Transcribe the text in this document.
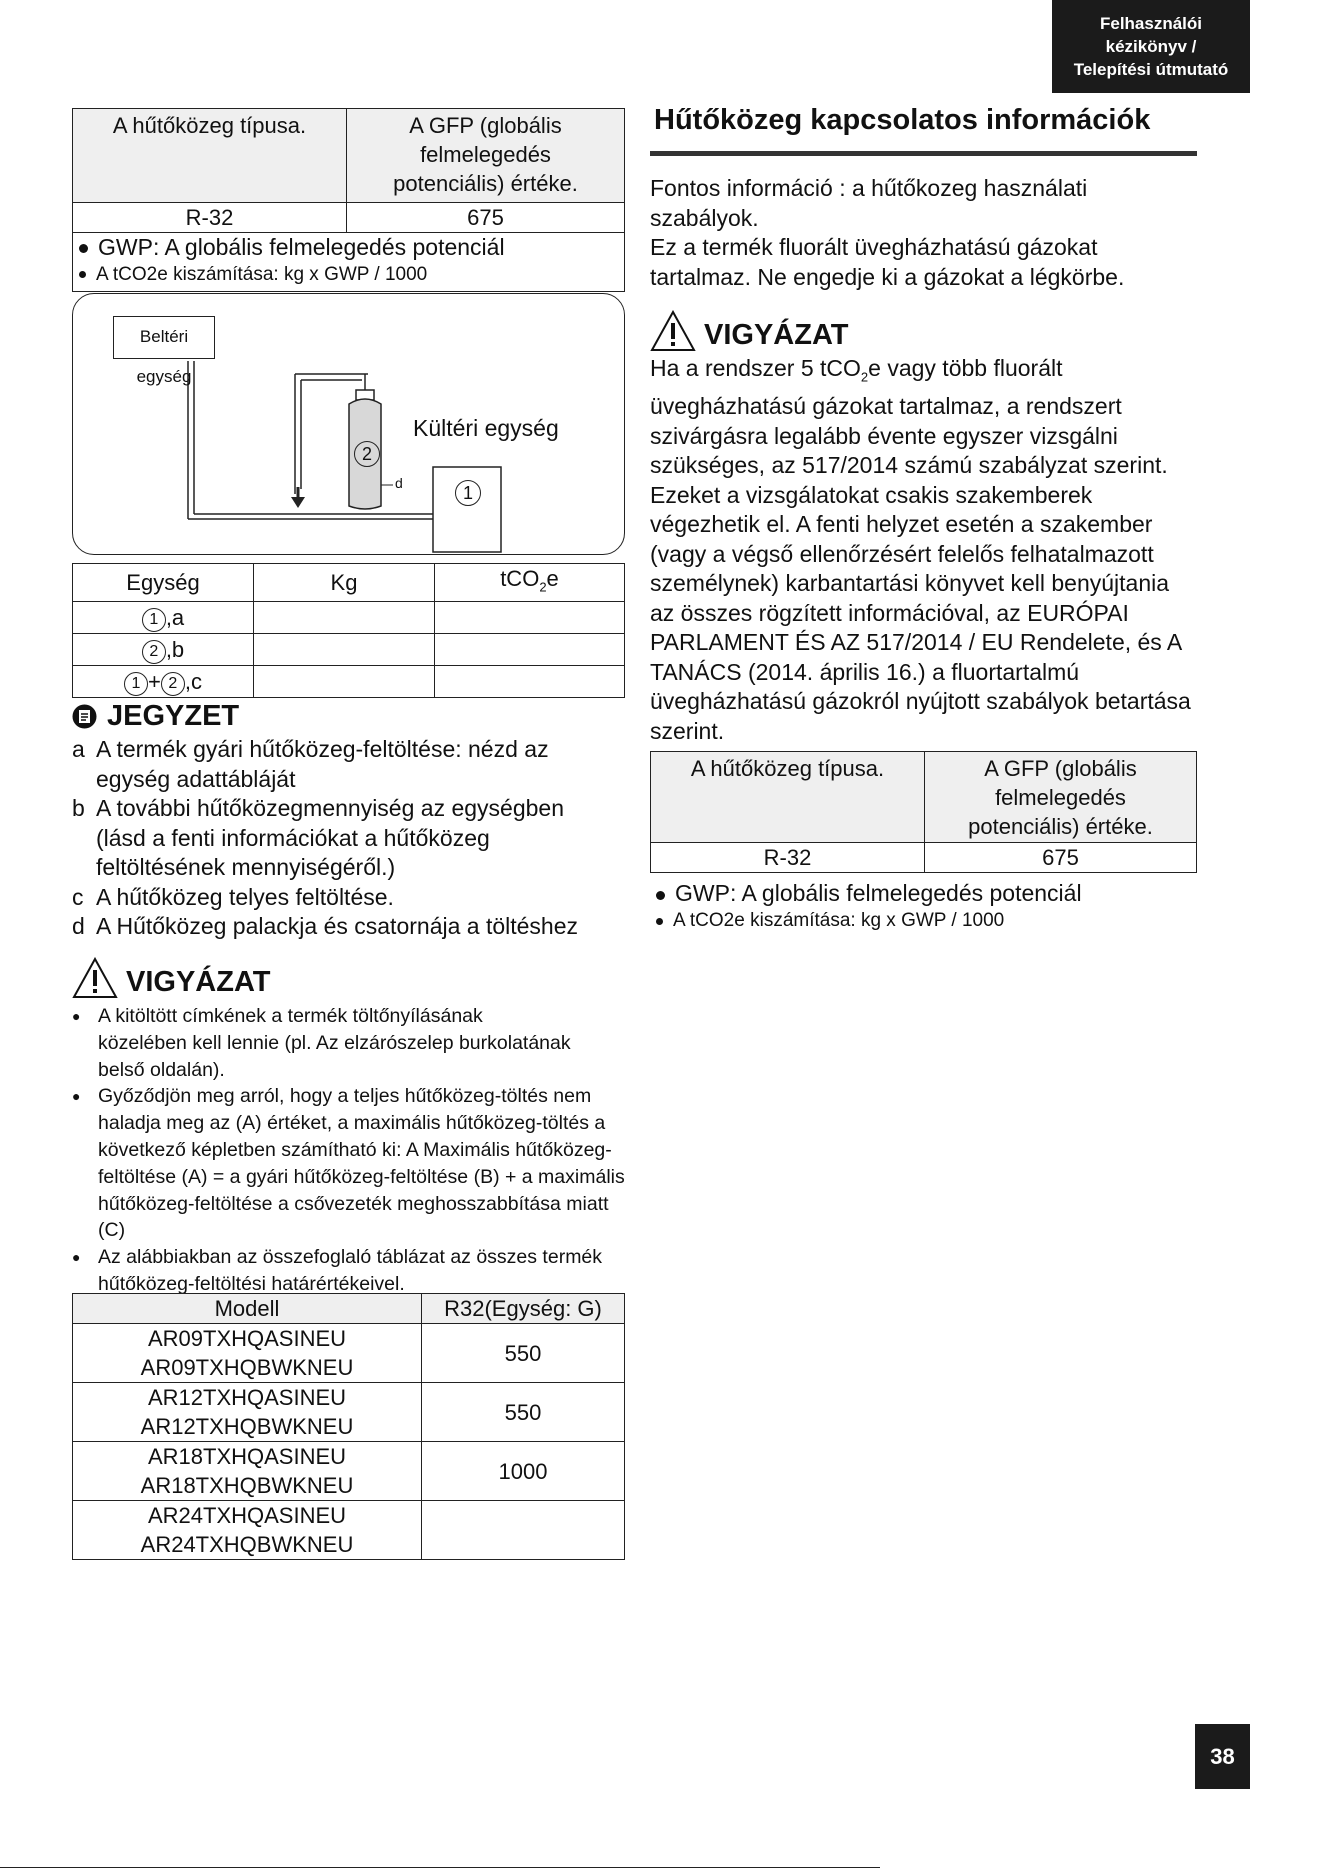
Felhasználói
kézikönyv /
Telepítési útmutató
A hűtőközeg típusa.	A GFP (globális felmelegedés potenciális) értéke.
R-32	675

GWP: A globális felmelegedés potenciál
A tCO2e kiszámítása: kg x GWP / 1000	
Beltéri egység
Kültéri egység
2
d	1
Egység	Kg	tCO$_2$e
1 ,a		
2 ,b		
1 + 2 ,c		
JEGYZET
a A termék gyári hűtőközeg-feltöltése: nézd az egység adattábláját
b A további hűtőközegmennyiség az egységben (lásd a fenti információkat a hűtőközeg feltöltésének mennyiségéről.)
c A hűtőközeg telyes feltöltése.
d A Hűtőközeg palackja és csatornája a töltéshez
VIGYÁZAT
● A kitöltött címkének a termék töltőnyílásának közelében kell lennie (pl. Az elzárószelep burkolatának belső oldalán).
● Győződjön meg arról, hogy a teljes hűtőközeg-töltés nem haladja meg az (A) értéket, a maximális hűtőközeg-töltés a következő képletben számítható ki: A Maximális hűtőközeg-feltöltése (A) = a gyári hűtőközeg-feltöltése (B) + a maximális hűtőközeg-feltöltése a csővezeték meghosszabbítása miatt (C)
● Az alábbiakban az összefoglaló táblázat az összes termék hűtőközeg-feltöltési határértékeivel.
Modell	R32(Egység: G)

AR09TXHQASINEU
AR09TXHQBWKNEU	550

AR12TXHQASINEU
AR12TXHQBWKNEU	550

AR18TXHQASINEU
AR18TXHQBWKNEU	1000

AR24TXHQASINEU
AR24TXHQBWKNEU	

Hűtőközeg kapcsolatos információk
Fontos információ : a hűtőkozeg használati szabályok.
Ez a termék fluorált üvegházhatású gázokat tartalmaz. Ne engedje ki a gázokat a légkörbe.
VIGYÁZAT
Ha a rendszer 5 tCO$_2$e vagy több fluorált üvegházhatású gázokat tartalmaz, a rendszert szivárgásra legalább évente egyszer vizsgálni szükséges, az 517/2014 számú szabályzat szerint. Ezeket a vizsgálatokat csakis szakemberek végezhetik el. A fenti helyzet esetén a szakember (vagy a végső ellenőrzésért felelős felhatalmazott személynek) karbantartási könyvet kell benyújtania az összes rögzített információval, az EURÓPAI PARLAMENT ÉS AZ 517/2014 / EU Rendelete, és A TANÁCS (2014. április 16.) a fluortartalmú üvegházhatású gázokról nyújtott szabályok betartása szerint.
A hűtőközeg típusa.	A GFP (globális felmelegedés potenciális) értéke.
R-32	675
GWP: A globális felmelegedés potenciál
A tCO2e kiszámítása: kg x GWP / 1000
38
